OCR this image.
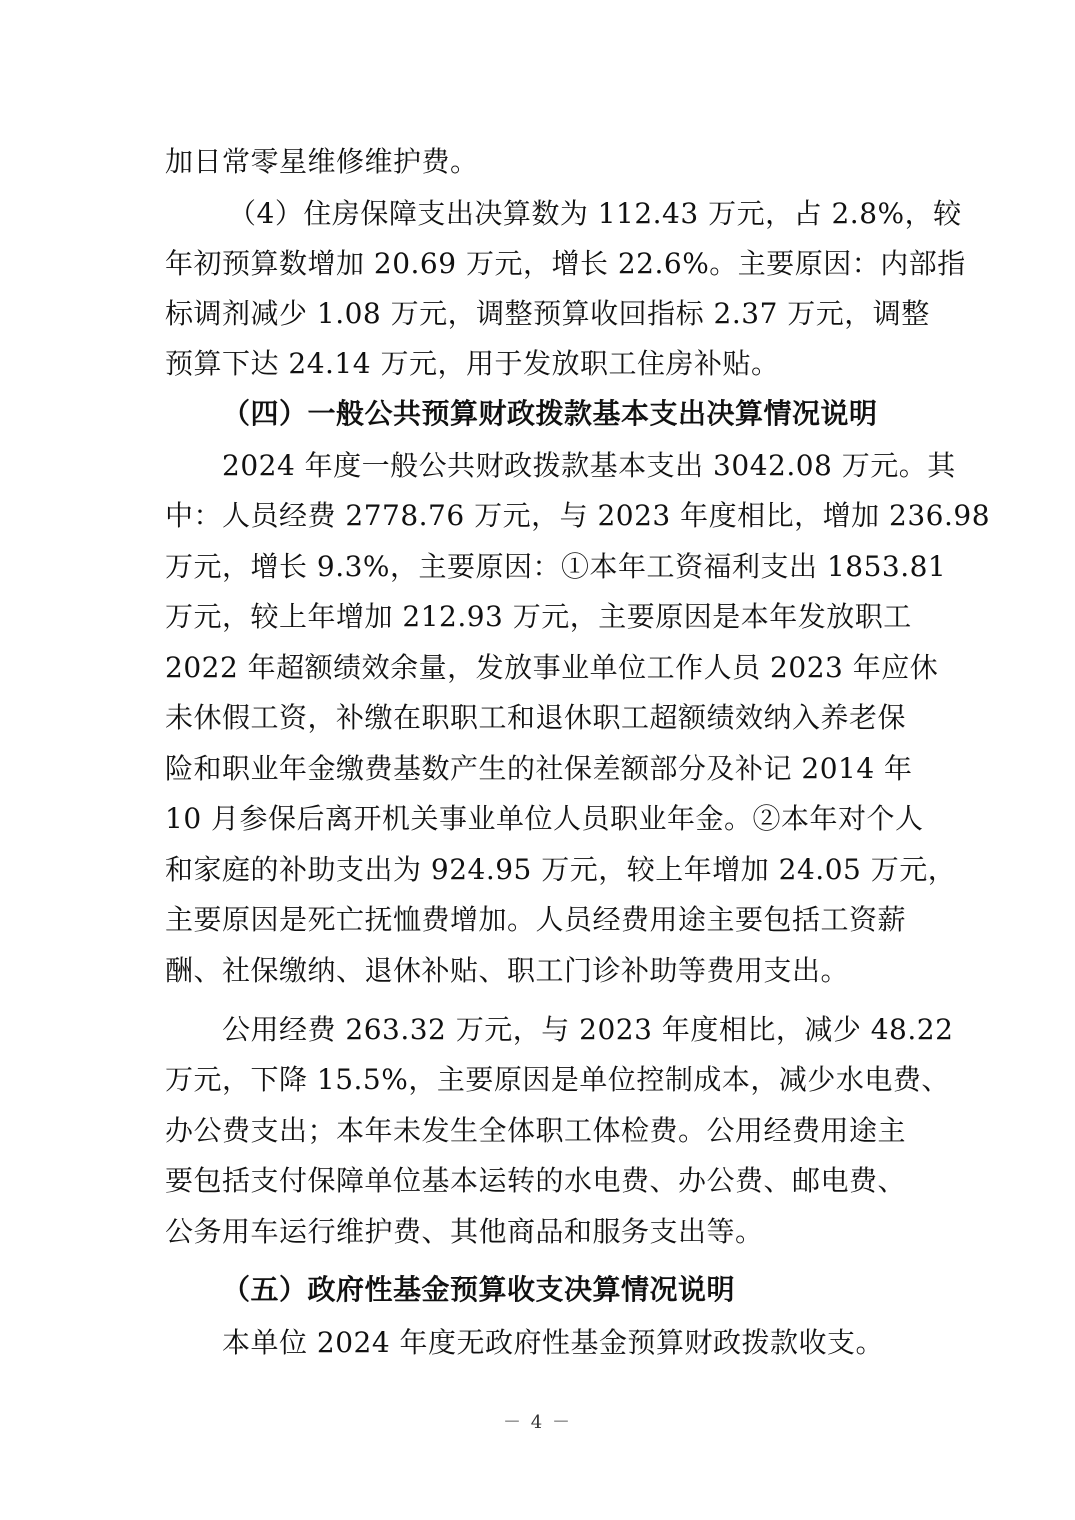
加日常零星维修维护费。
（4）住房保障支出决算数为 112.43 万元，占 2.8%，较
年初预算数增加 20.69 万元，增长 22.6%。主要原因：内部指
标调剂减少 1.08 万元，调整预算收回指标 2.37 万元，调整
预算下达 24.14 万元，用于发放职工住房补贴。
（四）一般公共预算财政拨款基本支出决算情况说明
2024 年度一般公共财政拨款基本支出 3042.08 万元。其
中：人员经费 2778.76 万元，与 2023 年度相比，增加 236.98
万元，增长 9.3%，主要原因：①本年工资福利支出 1853.81
万元，较上年增加 212.93 万元，主要原因是本年发放职工
2022 年超额绩效余量，发放事业单位工作人员 2023 年应休
未休假工资，补缴在职职工和退休职工超额绩效纳入养老保
险和职业年金缴费基数产生的社保差额部分及补记 2014 年
10 月参保后离开机关事业单位人员职业年金。②本年对个人
和家庭的补助支出为 924.95 万元，较上年增加 24.05 万元，
主要原因是死亡抚恤费增加。人员经费用途主要包括工资薪
酬、社保缴纳、退休补贴、职工门诊补助等费用支出。
公用经费 263.32 万元，与 2023 年度相比，减少 48.22
万元，下降 15.5%，主要原因是单位控制成本，减少水电费、
办公费支出；本年未发生全体职工体检费。公用经费用途主
要包括支付保障单位基本运转的水电费、办公费、邮电费、
公务用车运行维护费、其他商品和服务支出等。
（五）政府性基金预算收支决算情况说明
本单位 2024 年度无政府性基金预算财政拨款收支。
－ 4 －
